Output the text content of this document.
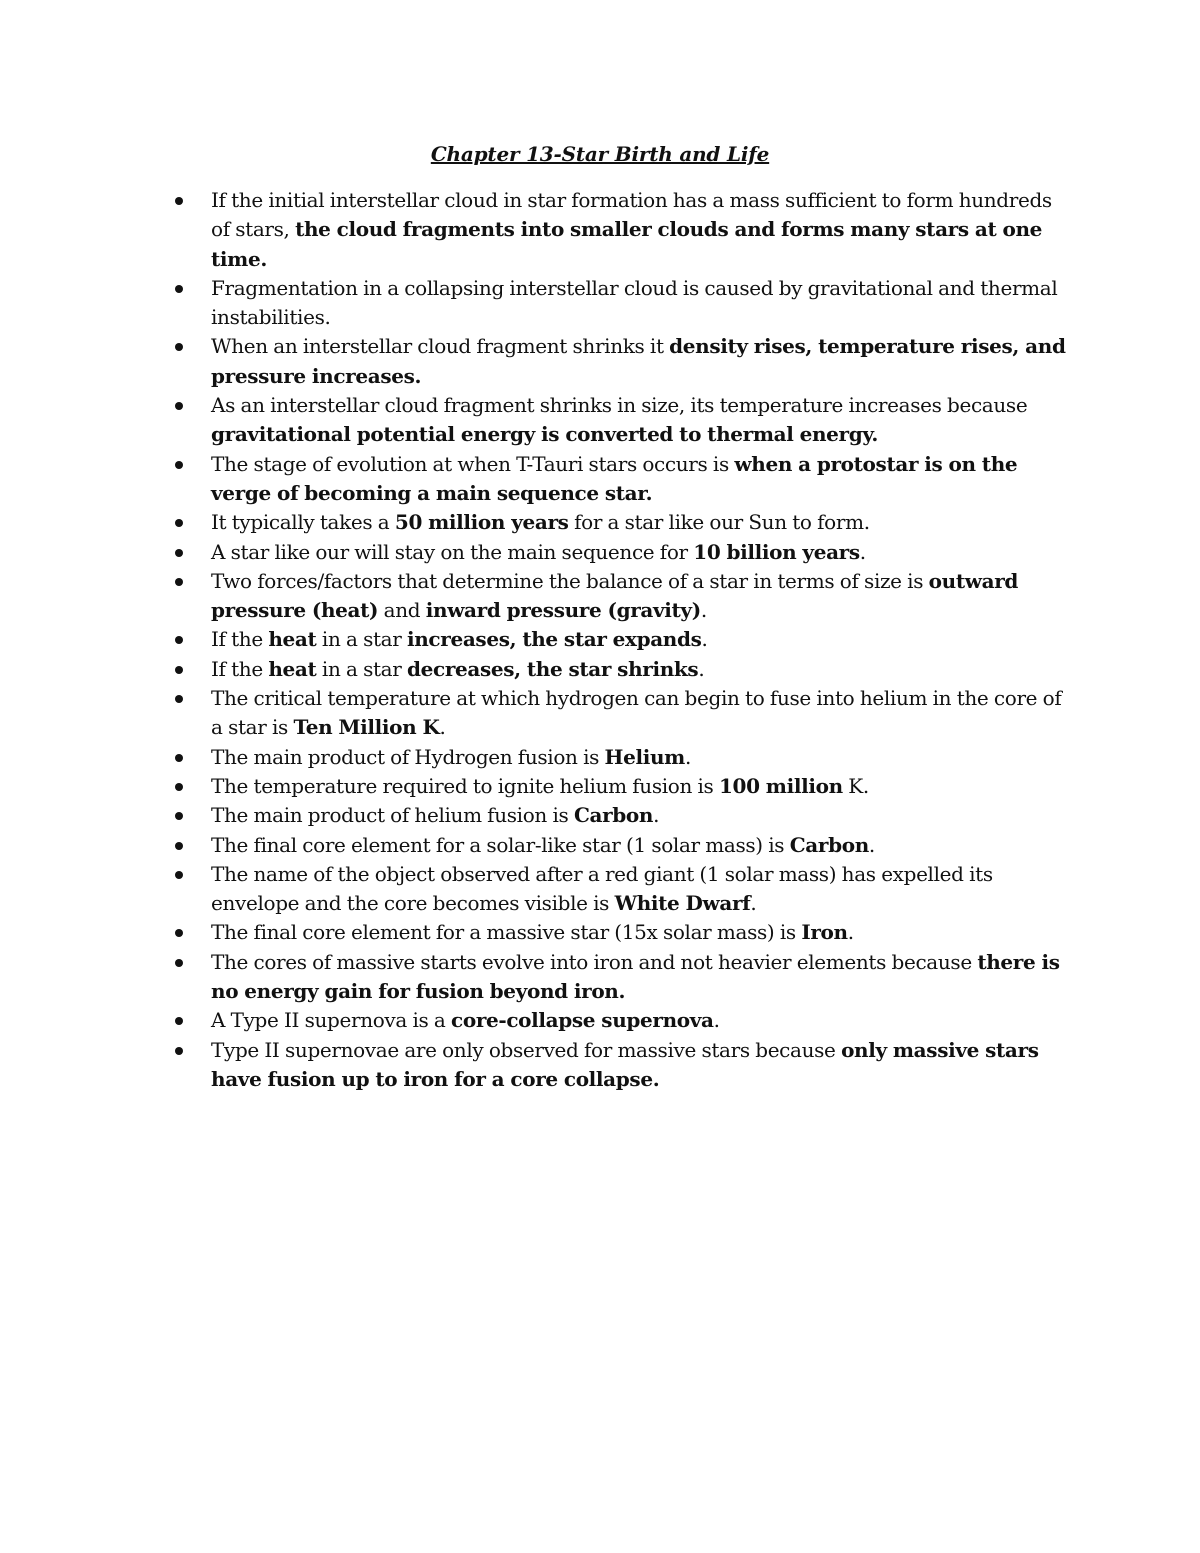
Chapter 13-Star Birth and Life
If the initial interstellar cloud in star formation has a mass sufficient to form hundreds of stars, the cloud fragments into smaller clouds and forms many stars at one time.
Fragmentation in a collapsing interstellar cloud is caused by gravitational and thermal instabilities.
When an interstellar cloud fragment shrinks it density rises, temperature rises, and pressure increases.
As an interstellar cloud fragment shrinks in size, its temperature increases because gravitational potential energy is converted to thermal energy.
The stage of evolution at when T-Tauri stars occurs is when a protostar is on the verge of becoming a main sequence star.
It typically takes a 50 million years for a star like our Sun to form.
A star like our will stay on the main sequence for 10 billion years.
Two forces/factors that determine the balance of a star in terms of size is outward pressure (heat) and inward pressure (gravity).
If the heat in a star increases, the star expands.
If the heat in a star decreases, the star shrinks.
The critical temperature at which hydrogen can begin to fuse into helium in the core of a star is Ten Million K.
The main product of Hydrogen fusion is Helium.
The temperature required to ignite helium fusion is 100 million K.
The main product of helium fusion is Carbon.
The final core element for a solar-like star (1 solar mass) is Carbon.
The name of the object observed after a red giant (1 solar mass) has expelled its envelope and the core becomes visible is White Dwarf.
The final core element for a massive star (15x solar mass) is Iron.
The cores of massive starts evolve into iron and not heavier elements because there is no energy gain for fusion beyond iron.
A Type II supernova is a core-collapse supernova.
Type II supernovae are only observed for massive stars because only massive stars have fusion up to iron for a core collapse.
